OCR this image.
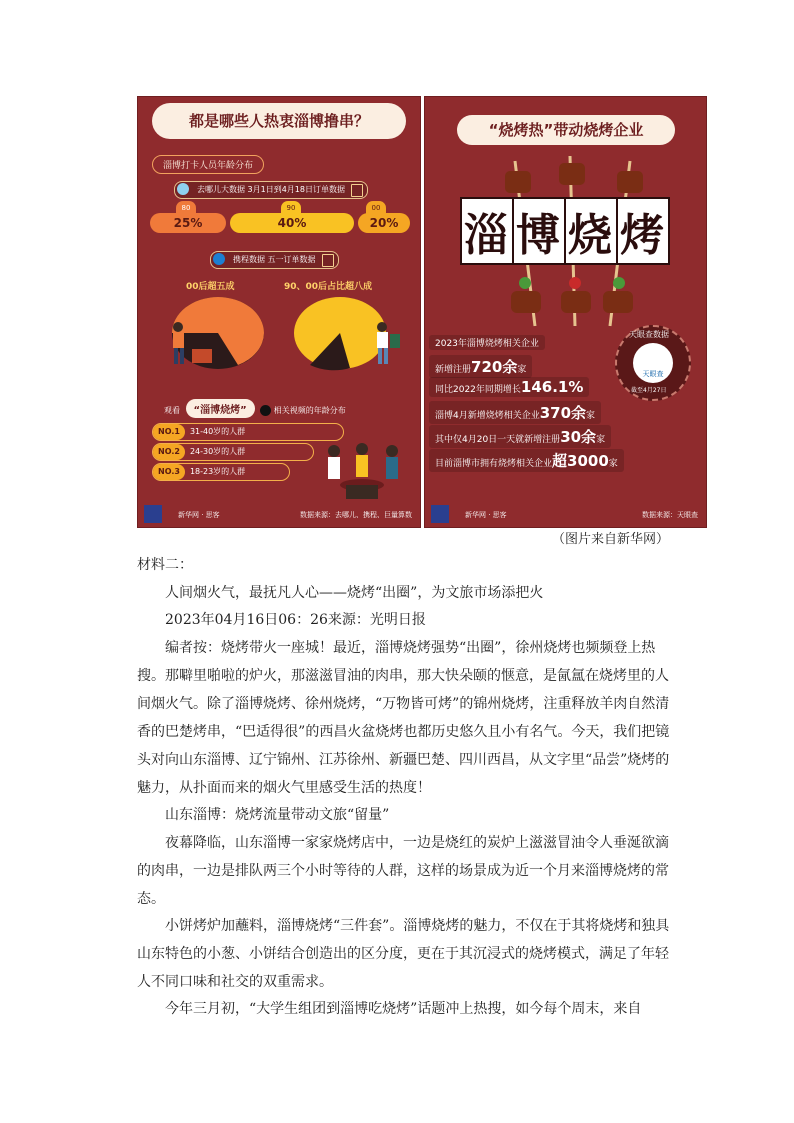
都是哪些人热衷淄博撸串？
淄博打卡人员年龄分布
去哪儿大数据 3月1日到4月18日订单数据
80
25%
90
40%
00
20%
携程数据 五一订单数据
00后超五成	90、00后占比超八成
观看 “淄博烧烤”	相关视频的年龄分布
NO.1 31-40岁的人群
NO.2 24-30岁的人群
NO.3 18-23岁的人群
新华网 · 思客	数据来源：去哪儿、携程、巨量算数
“烧烤热”带动烧烤企业
淄 博 烧 烤
2023年淄博烧烤相关企业
新增注册720余家
同比2022年同期增长146.1%
淄博4月新增烧烤相关企业370余家
其中仅4月20日一天就新增注册30余家
目前淄博市拥有烧烤相关企业超3000家
天眼查数据
天眼查
截至4月27日
新华网 · 思客	数据来源：天眼查
（图片来自新华网）

材料二：

人间烟火气，最抚凡人心——烧烤“出圈”，为文旅市场添把火

2023年04月16日06：26来源：光明日报

编者按：烧烤带火一座城！最近，淄博烧烤强势“出圈”，徐州烧烤也频频登上热搜。那噼里啪啦的炉火，那滋滋冒油的肉串，那大快朵颐的惬意，是氤氲在烧烤里的人间烟火气。除了淄博烧烤、徐州烧烤，“万物皆可烤”的锦州烧烤，注重释放羊肉自然清香的巴楚烤串，“巴适得很”的西昌火盆烧烤也都历史悠久且小有名气。今天，我们把镜头对向山东淄博、辽宁锦州、江苏徐州、新疆巴楚、四川西昌，从文字里“品尝”烧烤的魅力，从扑面而来的烟火气里感受生活的热度！

山东淄博：烧烤流量带动文旅“留量”

夜幕降临，山东淄博一家家烧烤店中，一边是烧红的炭炉上滋滋冒油令人垂涎欲滴的肉串，一边是排队两三个小时等待的人群，这样的场景成为近一个月来淄博烧烤的常态。

小饼烤炉加蘸料，淄博烧烤“三件套”。淄博烧烤的魅力，不仅在于其将烧烤和独具山东特色的小葱、小饼结合创造出的区分度，更在于其沉浸式的烧烤模式，满足了年轻人不同口味和社交的双重需求。

今年三月初，“大学生组团到淄博吃烧烤”话题冲上热搜，如今每个周末，来自
